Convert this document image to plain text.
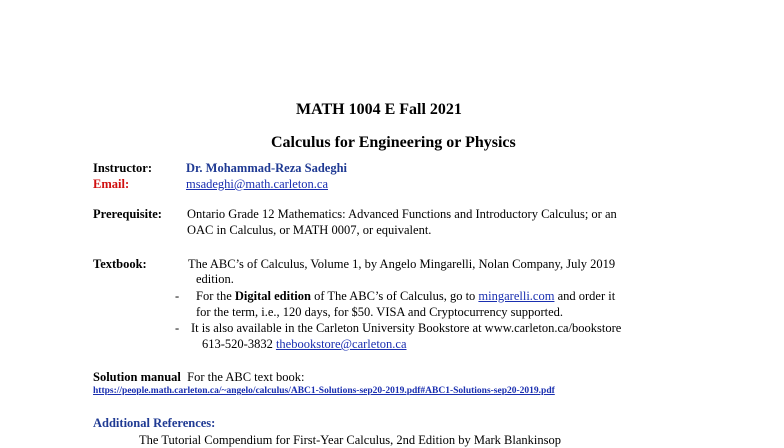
MATH 1004 E Fall 2021
Calculus for Engineering or Physics
Instructor:	Dr. Mohammad-Reza Sadeghi
Email:	msadeghi@math.carleton.ca
Prerequisite: Ontario Grade 12 Mathematics: Advanced Functions and Introductory Calculus; or an
OAC in Calculus, or MATH 0007, or equivalent.
Textbook:	The ABC’s of Calculus, Volume 1, by Angelo Mingarelli, Nolan Company, July 2019
edition.
- For the Digital edition of The ABC’s of Calculus, go to mingarelli.com and order it
for the term, i.e., 120 days, for $50. VISA and Cryptocurrency supported.
- It is also available in the Carleton University Bookstore at www.carleton.ca/bookstore
613-520-3832 thebookstore@carleton.ca
Solution manual For the ABC text book:
https://people.math.carleton.ca/~angelo/calculus/ABC1-Solutions-sep20-2019.pdf#ABC1-Solutions-sep20-2019.pdf
Additional References:
The Tutorial Compendium for First-Year Calculus, 2nd Edition by Mark Blankinsop
